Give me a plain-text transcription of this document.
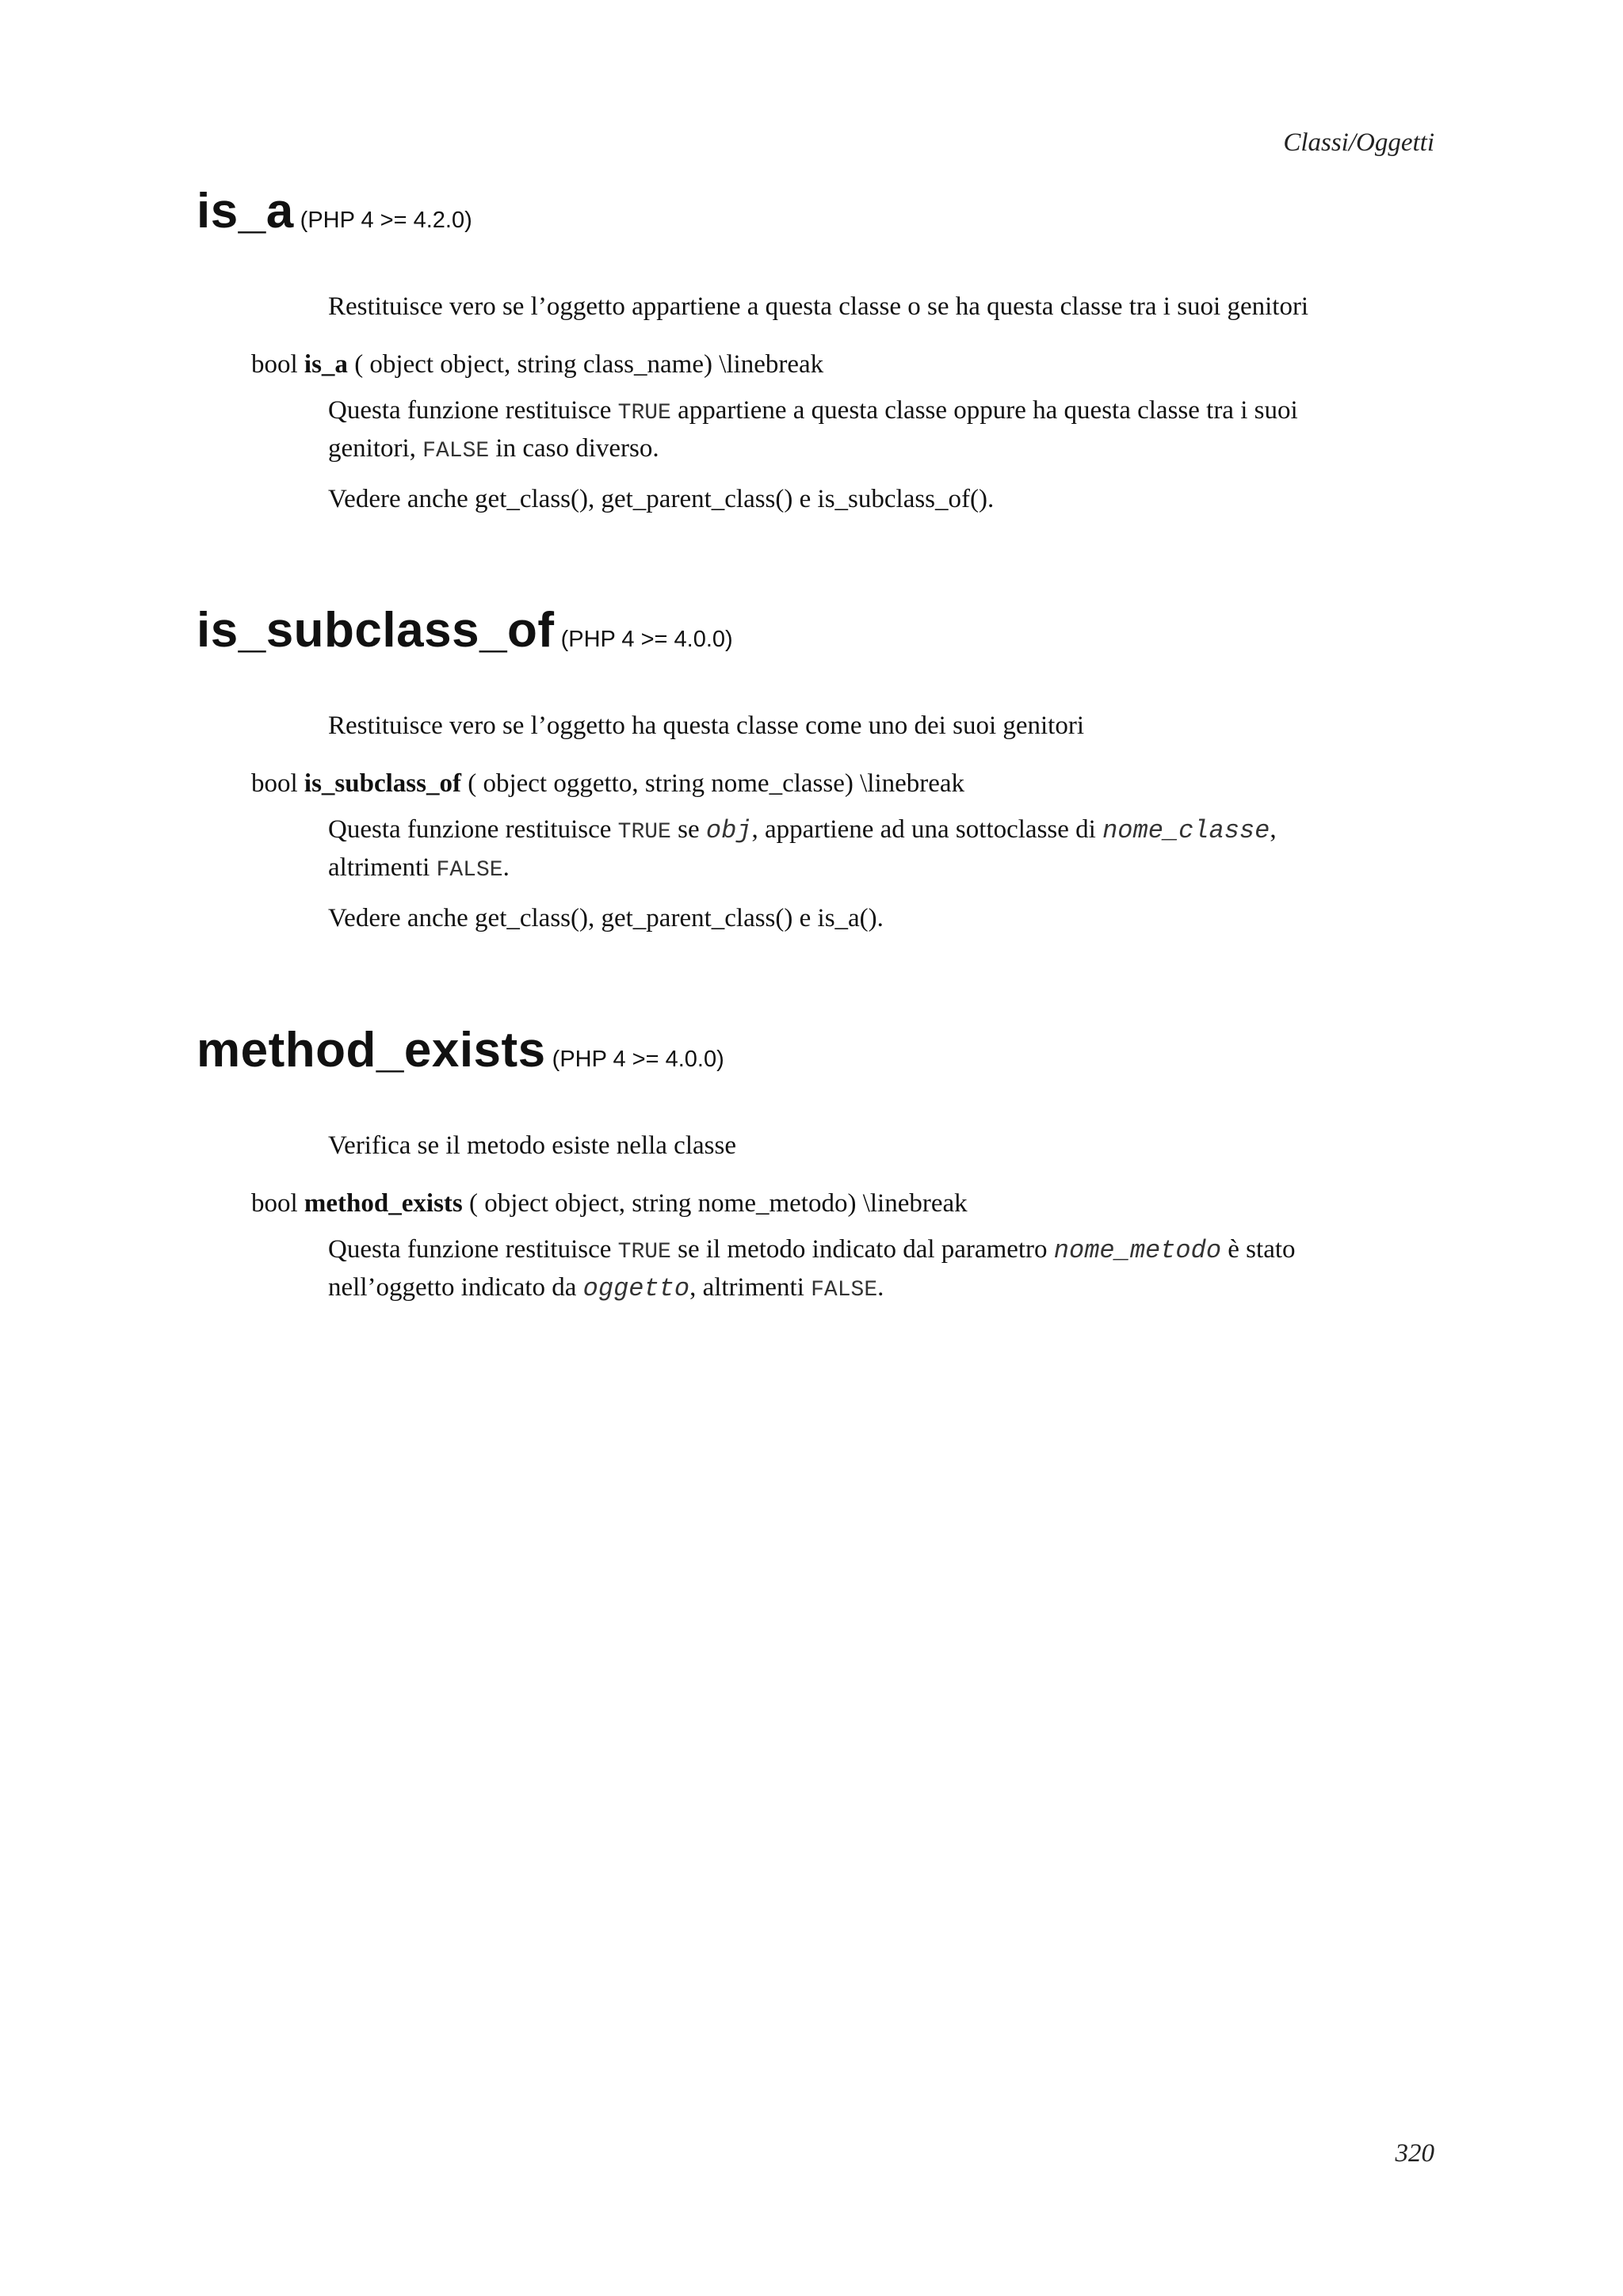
Classi/Oggetti
is_a (PHP 4 >= 4.2.0)
Restituisce vero se l’oggetto appartiene a questa classe o se ha questa classe tra i suoi genitori
bool is_a ( object object, string class_name) \linebreak
Questa funzione restituisce TRUE appartiene a questa classe oppure ha questa classe tra i suoi genitori, FALSE in caso diverso.
Vedere anche get_class(), get_parent_class() e is_subclass_of().
is_subclass_of (PHP 4 >= 4.0.0)
Restituisce vero se l’oggetto ha questa classe come uno dei suoi genitori
bool is_subclass_of ( object oggetto, string nome_classe) \linebreak
Questa funzione restituisce TRUE se obj, appartiene ad una sottoclasse di nome_classe, altrimenti FALSE.
Vedere anche get_class(), get_parent_class() e is_a().
method_exists (PHP 4 >= 4.0.0)
Verifica se il metodo esiste nella classe
bool method_exists ( object object, string nome_metodo) \linebreak
Questa funzione restituisce TRUE se il metodo indicato dal parametro nome_metodo è stato nell’oggetto indicato da oggetto, altrimenti FALSE.
320
